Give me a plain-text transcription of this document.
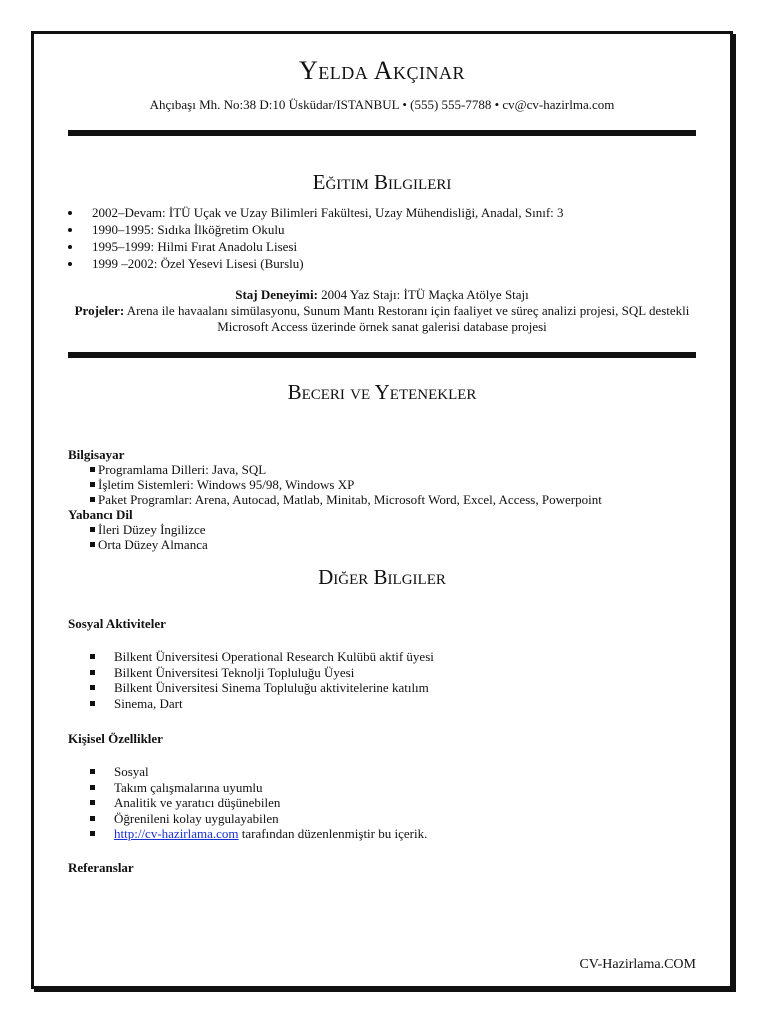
Yelda Akçınar
Ahçıbaşı Mh. No:38 D:10 Üsküdar/ISTANBUL • (555) 555-7788 • cv@cv-hazirlma.com
Eğitim Bilgileri
2002–Devam: İTÜ Uçak ve Uzay Bilimleri Fakültesi, Uzay Mühendisliği, Anadal, Sınıf: 3
1990–1995: Sıdıka İlköğretim Okulu
1995–1999: Hilmi Fırat Anadolu Lisesi
1999 –2002: Özel Yesevi Lisesi (Burslu)
Staj Deneyimi: 2004 Yaz Stajı: İTÜ Maçka Atölye Stajı
Projeler: Arena ile havaalanı simülasyonu, Sunum Mantı Restoranı için faaliyet ve süreç analizi projesi, SQL destekli Microsoft Access üzerinde örnek sanat galerisi database projesi
Beceri ve Yetenekler
Bilgisayar
Programlama Dilleri: Java, SQL
İşletim Sistemleri: Windows 95/98, Windows XP
Paket Programlar: Arena, Autocad, Matlab, Minitab, Microsoft Word, Excel, Access, Powerpoint
Yabancı Dil
İleri Düzey İngilizce
Orta Düzey Almanca
Diğer Bilgiler
Sosyal Aktiviteler
Bilkent Üniversitesi Operational Research Kulübü aktif üyesi
Bilkent Üniversitesi Teknolji Topluluğu Üyesi
Bilkent Üniversitesi Sinema Topluluğu aktivitelerine katılım
Sinema, Dart
Kişisel Özellikler
Sosyal
Takım çalışmalarına uyumlu
Analitik ve yaratıcı düşünebilen
Öğrenileni kolay uygulayabilen
http://cv-hazirlama.com tarafından düzenlenmiştir bu içerik.
Referanslar
CV-Hazirlama.COM
